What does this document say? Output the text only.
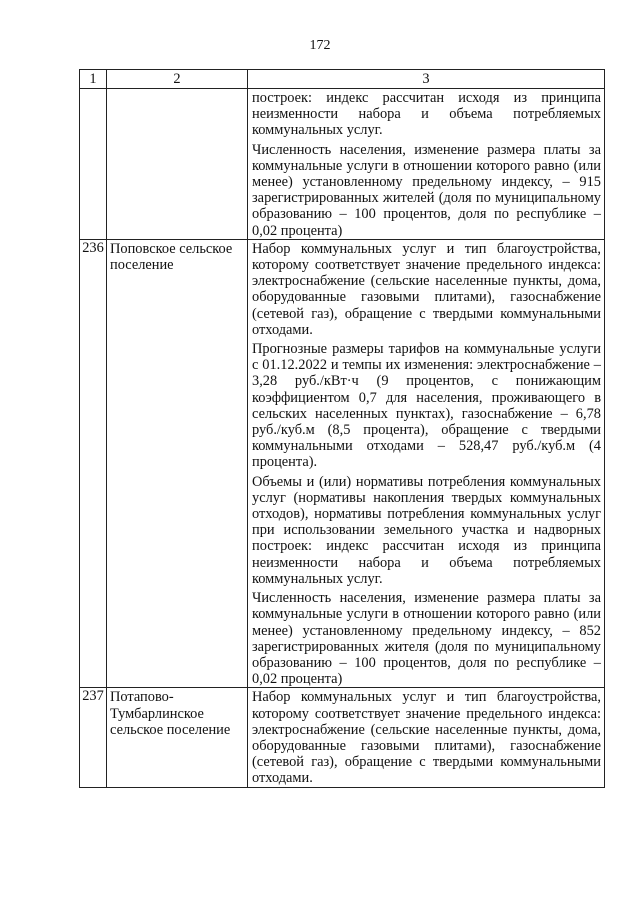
172
1	2	3

		построек: индекс рассчитан исходя из принципа неизменности набора и объема потребляемых коммунальных услуг.

Численность населения, изменение размера платы за коммунальные услуги в отношении которого равно (или менее) установленному предельному индексу, – 915 зарегистрированных жителей (доля по муниципальному образованию – 100 процентов, доля по республике – 0,02 процента)

236	Поповское сельское поселение	Набор коммунальных услуг и тип благоустройства, которому соответствует значение предельного индекса: электроснабжение (сельские населенные пункты, дома, оборудованные газовыми плитами), газоснабжение (сетевой газ), обращение с твердыми коммунальными отходами.

Прогнозные размеры тарифов на коммунальные услуги с 01.12.2022 и темпы их изменения: электроснабжение – 3,28 руб./кВт·ч (9 процентов, с понижающим коэффициентом 0,7 для населения, проживающего в сельских населенных пунктах), газоснабжение – 6,78 руб./куб.м (8,5 процента), обращение с твердыми коммунальными отходами – 528,47 руб./куб.м (4 процента).

Объемы и (или) нормативы потребления коммунальных услуг (нормативы накопления твердых коммунальных отходов), нормативы потребления коммунальных услуг при использовании земельного участка и надворных построек: индекс рассчитан исходя из принципа неизменности набора и объема потребляемых коммунальных услуг.

Численность населения, изменение размера платы за коммунальные услуги в отношении которого равно (или менее) установленному предельному индексу, – 852 зарегистрированных жителя (доля по муниципальному образованию – 100 процентов, доля по республике – 0,02 процента)

237	Потапово-Тумбарлинское сельское поселение	Набор коммунальных услуг и тип благоустройства, которому соответствует значение предельного индекса: электроснабжение (сельские населенные пункты, дома, оборудованные газовыми плитами), газоснабжение (сетевой газ), обращение с твердыми коммунальными отходами.
